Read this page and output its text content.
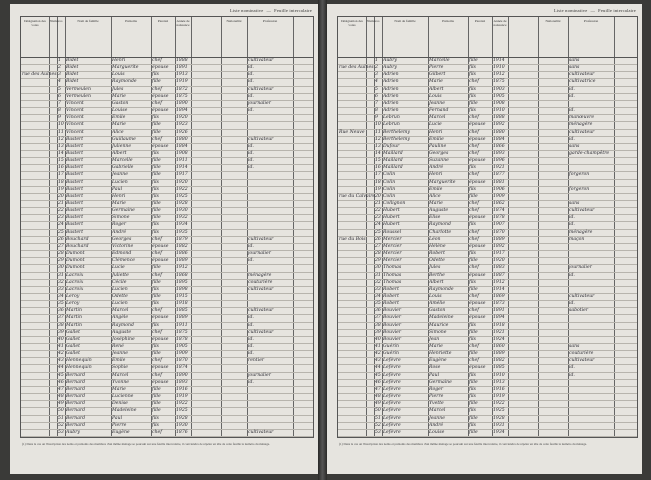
Liste nominative — Feuille intercalaire
Désignation des voies
Numéros	Nom de famille	Prénoms	Parenté	Année de naissance
Nationalité	Profession
1	Bidet	Henri	chef	1888	cultivateur
2	Bidet	Marguerite	épouse	1891	id.
3	Bidet	Louis	fils	1913	id.
4	Bidet	Raymonde	fille	1919	id.
5	Vermeulen	Jules	chef	1872	cultivateur
6	Vermeulen	Marie	épouse	1875	id.
7	Vincent	Gaston	chef	1890	journalier
8	Vincent	Louise	épouse	1894	id.
9	Vincent	Emile	fils	1920
10 Vincent	Marie	fille	1923
11 Vincent	Alice	fille	1926
12 Bastert	Guillaume	chef	1880	cultivateur
13 Bastert	Julienne	épouse	1884	id.
14 Bastert	Albert	fils	1908	id.
15 Bastert	Marcelle	fille	1911	id.
16 Bastert	Gabrielle	fille	1914	id.
17 Bastert	Jeanne	fille	1917
18 Bastert	Lucien	fils	1920
19 Bastert	Paul	fils	1922
20 Bastert	Henri	fils	1925
21 Bastert	Marie	fille	1928
22 Bastert	Germaine	fille	1930
23 Bastert	Simone	fille	1932
24 Bastert	Roger	fils	1934
25 Bastert	André	fils	1935
26 Bouchard	Georges	chef	1879	cultivateur
27 Bouchard	Victorine	épouse	1882	id.
28 Dumont	Edmond	chef	1886	journalier
29 Dumont	Clémence	épouse	1889	id.
30 Dumont	Lucie	fille	1912
31 Lacroix	Juliette	chef	1868	ménagère
32 Lacroix	Cécile	fille	1895	couturière
33 Lacroix	Lucien	fils	1898	cultivateur
34 Leroy	Odette	fille	1915
35 Leroy	Lucien	fils	1918
36 Martin	Marcel	chef	1885	cultivateur
37 Martin	Angèle	épouse	1889	id.
38 Martin	Raymond	fils	1911	id.
39 Gallet	Auguste	chef	1875	cultivateur
40 Gallet	Joséphine	épouse	1878	id.
41 Gallet	René	fils	1905	id.
42 Gallet	Jeanne	fille	1909	id.
43 Hennequin	Emile	chef	1870	rentier
44 Hennequin	Sophie	épouse	1874
45 Bernard	Marcel	chef	1890	journalier
46 Bernard	Yvonne	épouse	1893	id.
47 Bernard	Marie	fille	1916
48 Bernard	Lucienne	fille	1919
49 Bernard	Denise	fille	1922
50 Bernard	Madeleine	fille	1925
51 Bernard	Paul	fils	1928
52 Bernard	Pierre	fils	1930
53 Aubry	Eugène	chef	1876	cultivateur
rue des Aulnes
(1) Dans le cas où l'inscription des noms et prénoms des membres d'un même ménage se poursuit sur une feuille intercalaire, il conviendra de répéter en tête de cette feuille le numéro du ménage.
Liste nominative — Feuille intercalaire
Désignation des voies
Numéros	Nom de famille	Prénoms	Parenté	Année de naissance
Nationalité	Profession
1	Aubry	Marcelle	fille	1914	sans
2	Aubry	Pierre	fils	1910	sans
3	Adrien	Gilbert	fils	1912	cultivateur
4	Adrien	Marie	chef	1875	cultivatrice
5	Adrien	Albert	fils	1903	id.
6	Adrien	Louis	fils	1905	id.
7	Adrien	Jeanne	fille	1908
8	Adrien	Fernand	fils	1910	id.
9	Lebrun	Marcel	chef	1888	manœuvre
10 Lebrun	Lucie	épouse	1892	ménagère
11 Berthelemy	Henri	chef	1880	cultivateur
12 Berthelemy	Emilie	épouse	1884	id.
13 Dufour	Pauline	chef	1866	sans
14 Maillard	Georges	chef	1893	garde-champêtre
15 Maillard	Suzanne	épouse	1896
16 Maillard	André	fils	1921
17 Colin	Henri	chef	1877	forgeron
18 Colin	Marguerite	épouse	1881
19 Colin	Emile	fils	1906	forgeron
20 Colin	Alice	fille	1909
21 Collignon	Marie	chef	1862	sans
22 Hubert	Auguste	chef	1874	cultivateur
23 Hubert	Elise	épouse	1878	id.
24 Hubert	Raymond	fils	1907	id.
25 Roussel	Charlotte	chef	1870	ménagère
26 Mercier	Léon	chef	1889	maçon
27 Mercier	Hélène	épouse	1892
28 Mercier	Robert	fils	1917
29 Mercier	Odette	fille	1920
30 Thomas	Jules	chef	1883	journalier
31 Thomas	Berthe	épouse	1887	id.
32 Thomas	Albert	fils	1912
33 Robert	Raymonde	fille	1914
34 Robert	Louis	chef	1869	cultivateur
35 Robert	Amélie	épouse	1873	id.
36 Bouvier	Gaston	chef	1891	sabotier
37 Bouvier	Madeleine	épouse	1894
38 Bouvier	Maurice	fils	1918
39 Bouvier	Simone	fille	1921
40 Bouvier	Jean	fils	1924
41 Guérin	Marie	chef	1860	sans
42 Guérin	Henriette	fille	1889	couturière
43 Lefèvre	Eugène	chef	1882	cultivateur
44 Lefèvre	Rose	épouse	1885	id.
45 Lefèvre	Paul	fils	1910	id.
46 Lefèvre	Germaine	fille	1913
47 Lefèvre	Roger	fils	1916
48 Lefèvre	Pierre	fils	1919
49 Lefèvre	Yvette	fille	1922
50 Lefèvre	Marcel	fils	1925
51 Lefèvre	Jeanne	fille	1928
52 Lefèvre	André	fils	1931
53 Lefèvre	Louise	fille	1934
rue des Aulnes
Rue Neuve
rue du Calvaire
rue du Bois
(1) Dans le cas où l'inscription des noms et prénoms des membres d'un même ménage se poursuit sur une feuille intercalaire, il conviendra de répéter en tête de cette feuille le numéro du ménage.
